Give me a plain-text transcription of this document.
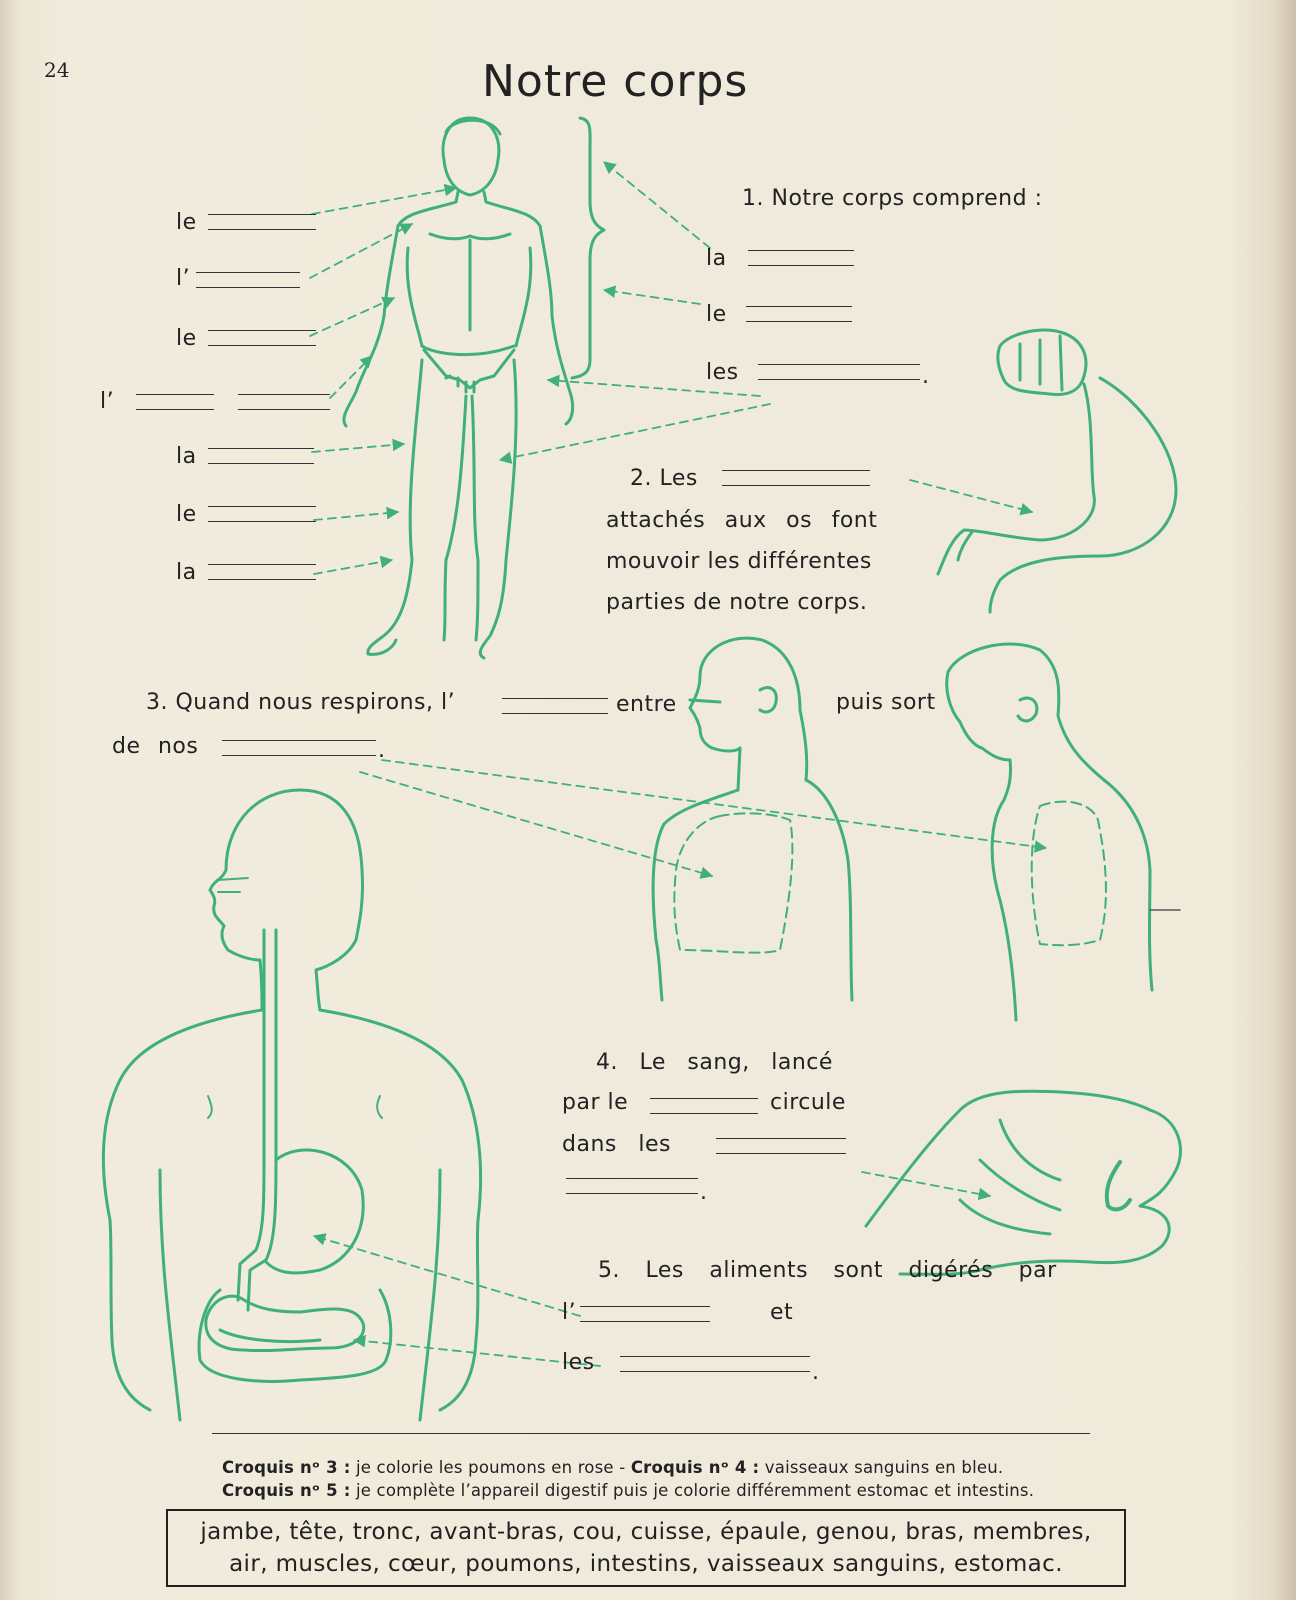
24	Notre corps
le
l’
le
l’
la
le
la
1. Notre corps comprend :
la
le
les	.
2. Les
attachés aux os font
mouvoir les différentes
parties de notre corps.
3. Quand nous respirons, l’	entre	puis sort
de nos	.
4. Le sang, lancé
par le	circule
dans les
.
5. Les aliments sont digérés par
l’	et
les	.
Croquis nᵒ 3 : je colorie les poumons en rose - Croquis nᵒ 4 : vaisseaux sanguins en bleu.
Croquis nᵒ 5 : je complète l’appareil digestif puis je colorie différemment estomac et intestins.
jambe, tête, tronc, avant-bras, cou, cuisse, épaule, genou, bras, membres,
air, muscles, cœur, poumons, intestins, vaisseaux sanguins, estomac.
